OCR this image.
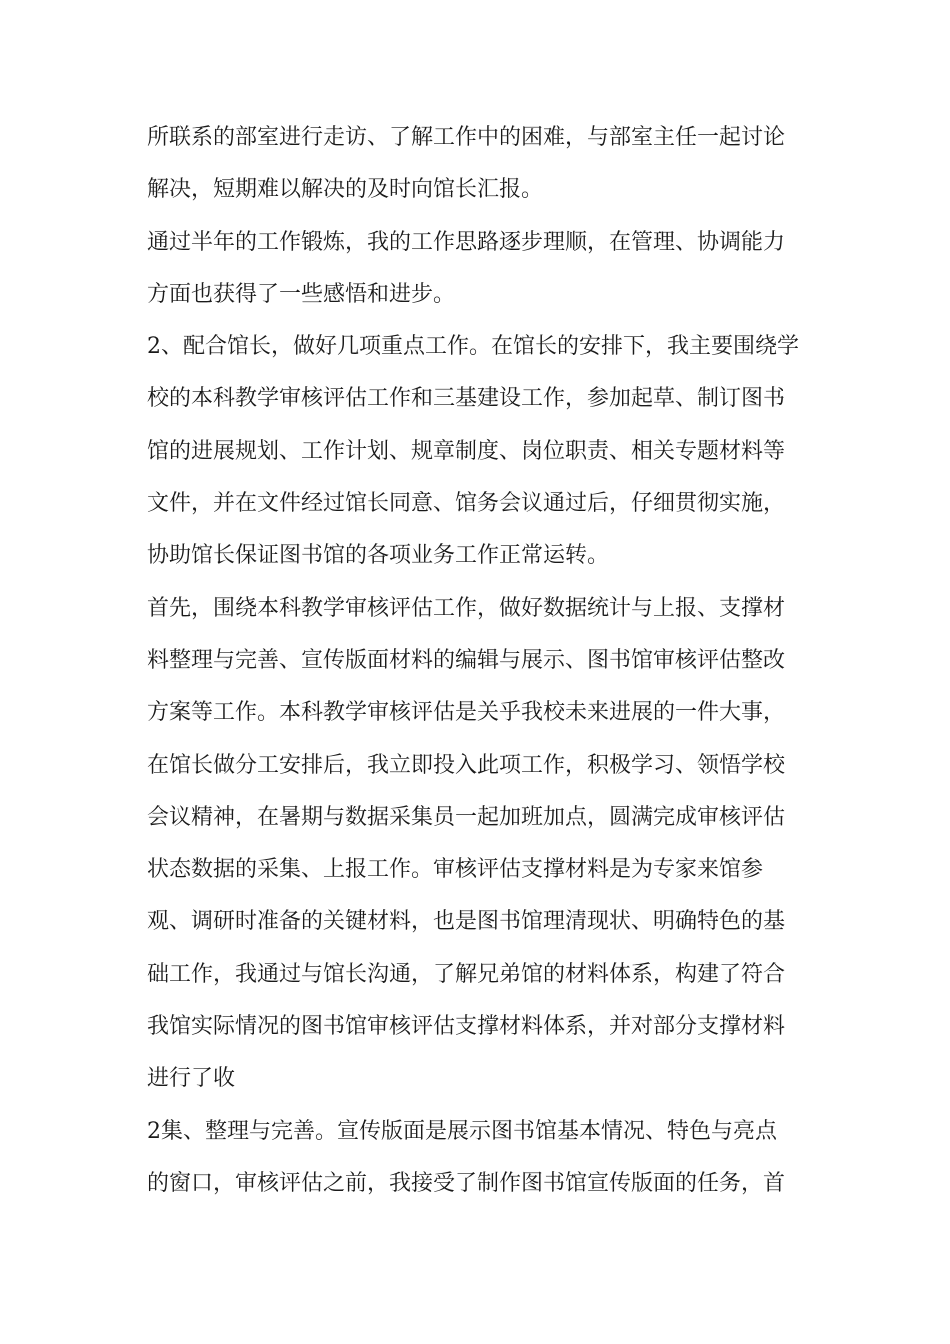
所联系的部室进行走访、了解工作中的困难，与部室主任一起讨论
解决，短期难以解决的及时向馆长汇报。
通过半年的工作锻炼，我的工作思路逐步理顺，在管理、协调能力
方面也获得了一些感悟和进步。
2、配合馆长，做好几项重点工作。在馆长的安排下，我主要围绕学
校的本科教学审核评估工作和三基建设工作，参加起草、制订图书
馆的进展规划、工作计划、规章制度、岗位职责、相关专题材料等
文件，并在文件经过馆长同意、馆务会议通过后，仔细贯彻实施，
协助馆长保证图书馆的各项业务工作正常运转。
首先，围绕本科教学审核评估工作，做好数据统计与上报、支撑材
料整理与完善、宣传版面材料的编辑与展示、图书馆审核评估整改
方案等工作。本科教学审核评估是关乎我校未来进展的一件大事，
在馆长做分工安排后，我立即投入此项工作，积极学习、领悟学校
会议精神，在暑期与数据采集员一起加班加点，圆满完成审核评估
状态数据的采集、上报工作。审核评估支撑材料是为专家来馆参
观、调研时准备的关键材料，也是图书馆理清现状、明确特色的基
础工作，我通过与馆长沟通，了解兄弟馆的材料体系，构建了符合
我馆实际情况的图书馆审核评估支撑材料体系，并对部分支撑材料
进行了收
2集、整理与完善。宣传版面是展示图书馆基本情况、特色与亮点
的窗口，审核评估之前，我接受了制作图书馆宣传版面的任务，首
